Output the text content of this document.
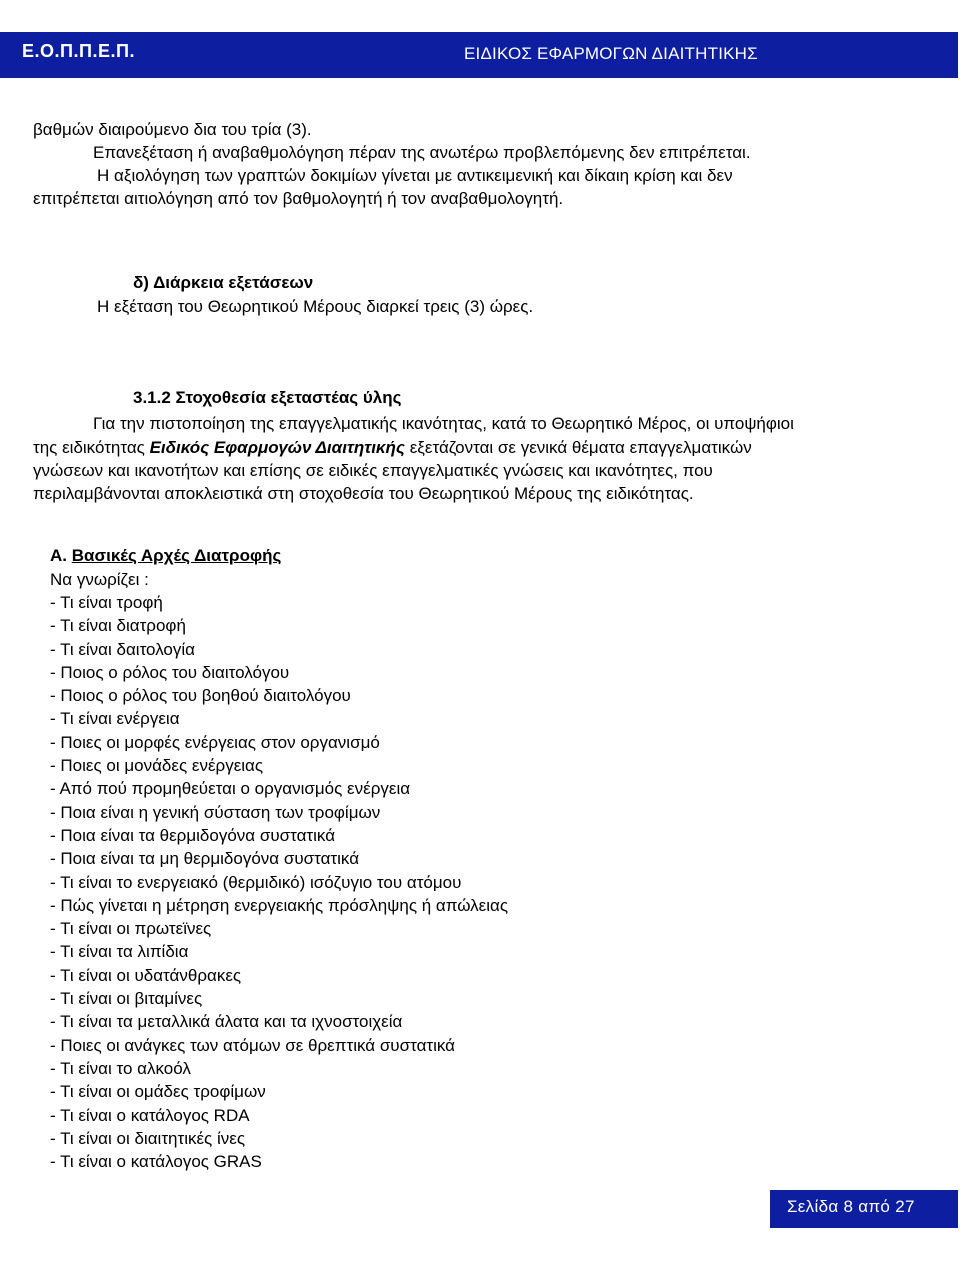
Ε.Ο.Π.Π.Ε.Π.	ΕΙΔΙΚΟΣ ΕΦΑΡΜΟΓΩΝ ΔΙΑΙΤΗΤΙΚΗΣ
βαθμών διαιρούμενο δια του τρία (3).
Επανεξέταση ή αναβαθμολόγηση πέραν της ανωτέρω προβλεπόμενης δεν επιτρέπεται.
Η αξιολόγηση των γραπτών δοκιμίων γίνεται με αντικειμενική και δίκαιη κρίση και δεν
επιτρέπεται αιτιολόγηση από τον βαθμολογητή ή τον αναβαθμολογητή.
δ) Διάρκεια εξετάσεων
Η εξέταση του Θεωρητικού Μέρους διαρκεί τρεις (3) ώρες.
3.1.2 Στοχοθεσία εξεταστέας ύλης
Για την πιστοποίηση της επαγγελματικής ικανότητας, κατά το Θεωρητικό Μέρος, οι υποψήφιοι
της ειδικότητας Ειδικός Εφαρμογών Διαιτητικής εξετάζονται σε γενικά θέματα επαγγελματικών
γνώσεων και ικανοτήτων και επίσης σε ειδικές επαγγελματικές γνώσεις και ικανότητες, που
περιλαμβάνονται αποκλειστικά στη στοχοθεσία του Θεωρητικού Μέρους της ειδικότητας.
Α. Βασικές Αρχές Διατροφής
Να γνωρίζει :
- Τι είναι τροφή
- Τι είναι διατροφή
- Τι είναι δαιτολογία
- Ποιος ο ρόλος του διαιτολόγου
- Ποιος ο ρόλος του βοηθού διαιτολόγου
- Τι είναι ενέργεια
- Ποιες οι μορφές ενέργειας στον οργανισμό
- Ποιες οι μονάδες ενέργειας
- Από πού προμηθεύεται ο οργανισμός ενέργεια
- Ποια είναι η γενική σύσταση των τροφίμων
- Ποια είναι τα θερμιδογόνα συστατικά
- Ποια είναι τα μη θερμιδογόνα συστατικά
- Τι είναι το ενεργειακό (θερμιδικό) ισόζυγιο του ατόμου
- Πώς γίνεται η μέτρηση ενεργειακής πρόσληψης ή απώλειας
- Τι είναι οι πρωτεϊνες
- Τι είναι τα λιπίδια
- Τι είναι οι υδατάνθρακες
- Τι είναι οι βιταμίνες
- Τι είναι τα μεταλλικά άλατα και τα ιχνοστοιχεία
- Ποιες οι ανάγκες των ατόμων σε θρεπτικά συστατικά
- Τι είναι το αλκοόλ
- Τι είναι οι ομάδες τροφίμων
- Τι είναι ο κατάλογος RDA
- Τι είναι οι διαιτητικές ίνες
- Τι είναι ο κατάλογος GRAS
Σελίδα 8 από 27
